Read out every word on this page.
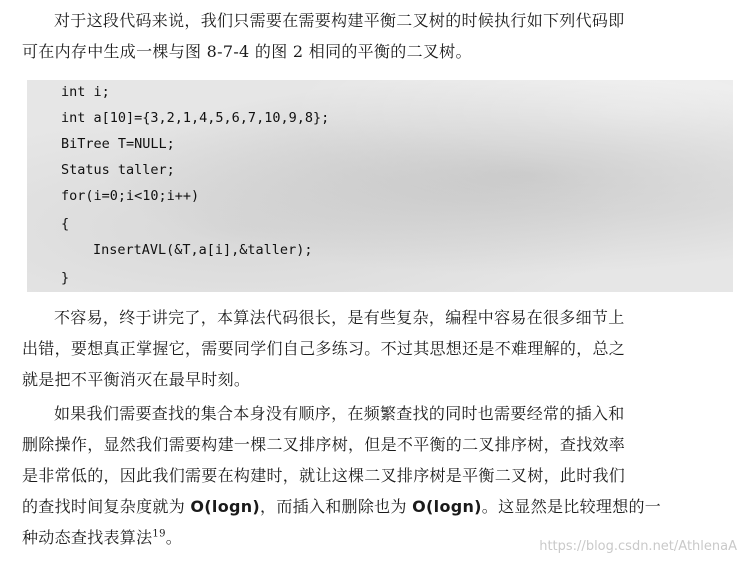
对于这段代码来说，我们只需要在需要构建平衡二叉树的时候执行如下列代码即

可在内存中生成一棵与图 8-7-4 的图 2 相同的平衡的二叉树。

int i;
int a[10]={3,2,1,4,5,6,7,10,9,8};
BiTree T=NULL;
Status taller;
for(i=0;i<10;i++)
{
InsertAVL(&T,a[i],&taller);
}

不容易，终于讲完了，本算法代码很长，是有些复杂，编程中容易在很多细节上

出错，要想真正掌握它，需要同学们自己多练习。不过其思想还是不难理解的，总之

就是把不平衡消灭在最早时刻。

如果我们需要查找的集合本身没有顺序，在频繁查找的同时也需要经常的插入和

删除操作，显然我们需要构建一棵二叉排序树，但是不平衡的二叉排序树，查找效率

是非常低的，因此我们需要在构建时，就让这棵二叉排序树是平衡二叉树，此时我们

的查找时间复杂度就为 O(logn)，而插入和删除也为 O(logn)。这显然是比较理想的一

种动态查找表算法$^{19}$。	https://blog.csdn.net/AthlenaA
